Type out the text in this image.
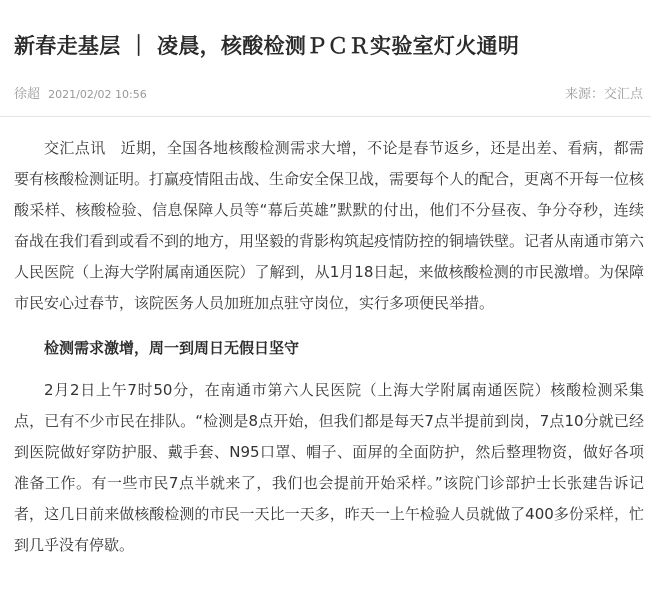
新春走基层 ｜ 凌晨，核酸检测ＰＣＲ实验室灯火通明
徐超 2021/02/02 10:56	来源：交汇点

交汇点讯 近期，全国各地核酸检测需求大增，不论是春节返乡，还是出差、看病，都需要有核酸检测证明。打赢疫情阻击战、生命安全保卫战，需要每个人的配合，更离不开每一位核酸采样、核酸检验、信息保障人员等“幕后英雄”默默的付出，他们不分昼夜、争分夺秒，连续奋战在我们看到或看不到的地方，用坚毅的背影构筑起疫情防控的铜墙铁壁。记者从南通市第六人民医院（上海大学附属南通医院）了解到，从1月18日起，来做核酸检测的市民激增。为保障市民安心过春节，该院医务人员加班加点驻守岗位，实行多项便民举措。

检测需求激增，周一到周日无假日坚守

2月2日上午7时50分，在南通市第六人民医院（上海大学附属南通医院）核酸检测采集点，已有不少市民在排队。“检测是8点开始，但我们都是每天7点半提前到岗，7点10分就已经到医院做好穿防护服、戴手套、N95口罩、帽子、面屏的全面防护，然后整理物资，做好各项准备工作。有一些市民7点半就来了，我们也会提前开始采样。”该院门诊部护士长张建告诉记者，这几日前来做核酸检测的市民一天比一天多，昨天一上午检验人员就做了400多份采样，忙到几乎没有停歇。
